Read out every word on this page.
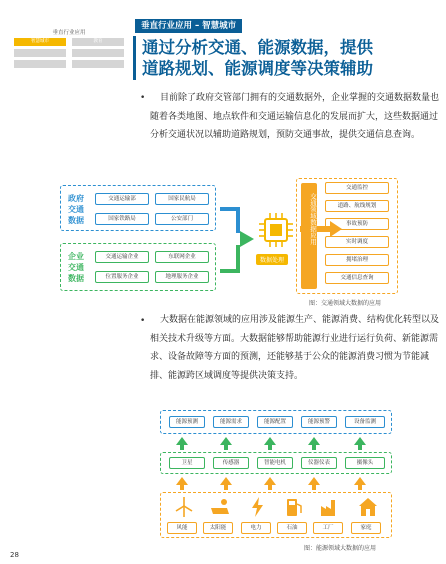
垂直行业应用
智慧城市	教育
垂直行业应用 – 智慧城市
通过分析交通、能源数据，提供
道路规划、能源调度等决策辅助
•	目前除了政府交管部门拥有的交通数据外，企业掌握的交通数据数量也随着各类地图、地点软件和交通运输信息化的发展而扩大，这些数据通过分析交通状况以辅助道路规划，预防交通事故，提供交通信息查询。
政府交通数据
交通运输部
国家铁路局
国家民航局
公安部门
企业交通数据
交通运输企业	东联网企业
位置服务企业	地理服务企业
数据处理
交通监控
道路、航线规划
事故预防
实时调度
拥堵治理
交通信息查询
交通领域数据应用
图：交通领域大数据的应用
•	大数据在能源领域的应用涉及能源生产、能源消费、结构优化转型以及相关技术升级等方面。大数据能够帮助能源行业进行运行负荷、新能源需求、设备故障等方面的预测，还能够基于公众的能源消费习惯为节能减排、能源跨区域调度等提供决策支持。
能源预测	能源需求	能源配置	能源预警	设备监测
卫星	传感器	智能电机	仪器仪表	摄像头
风能	太阳能	电力	石油	工厂	家庭
图：能源领域大数据的应用
28
